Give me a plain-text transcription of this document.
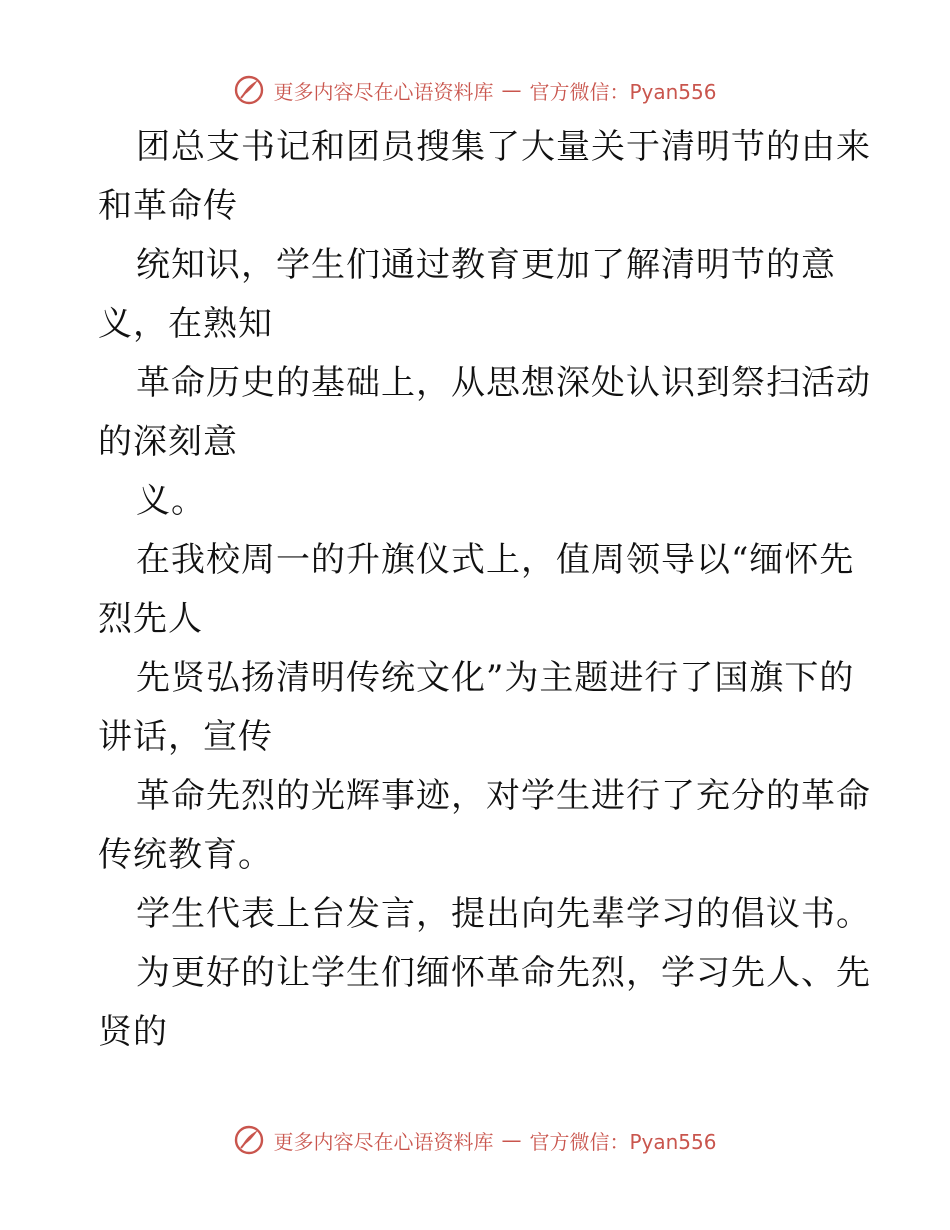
更多内容尽在心语资料库 — 官方微信：Pyan556
团总支书记和团员搜集了大量关于清明节的由来
和革命传
统知识，学生们通过教育更加了解清明节的意
义，在熟知
革命历史的基础上，从思想深处认识到祭扫活动
的深刻意
义。
在我校周一的升旗仪式上，值周领导以“缅怀先
烈先人
先贤弘扬清明传统文化”为主题进行了国旗下的
讲话，宣传
革命先烈的光辉事迹，对学生进行了充分的革命
传统教育。
学生代表上台发言，提出向先辈学习的倡议书。
为更好的让学生们缅怀革命先烈，学习先人、先
贤的
更多内容尽在心语资料库 — 官方微信：Pyan556
